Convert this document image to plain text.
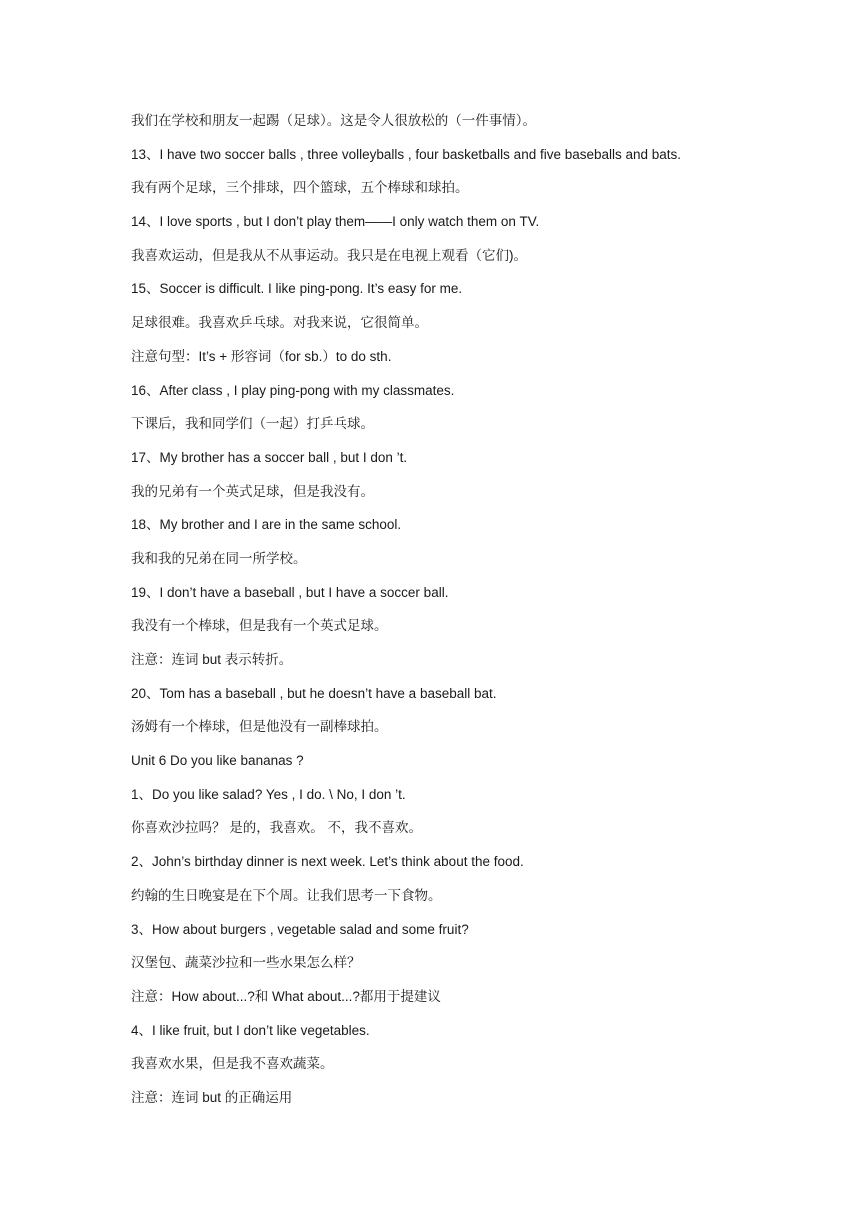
我们在学校和朋友一起踢（足球）。这是令人很放松的（一件事情）。
13、I have two soccer balls , three volleyballs , four basketballs and five baseballs and bats.
我有两个足球，三个排球，四个篮球，五个棒球和球拍。
14、I love sports , but I don’t play them——I only watch them on TV.
我喜欢运动，但是我从不从事运动。我只是在电视上观看（它们)。
15、Soccer is difficult. I like ping-pong. It’s easy for me.
足球很难。我喜欢乒乓球。对我来说，它很简单。
注意句型：It’s + 形容词（for sb.）to do sth.
16、After class , I play ping-pong with my classmates.
下课后，我和同学们（一起）打乒乓球。
17、My brother has a soccer ball , but I don ’t.
我的兄弟有一个英式足球，但是我没有。
18、My brother and I are in the same school.
我和我的兄弟在同一所学校。
19、I don’t have a baseball , but I have a soccer ball.
我没有一个棒球，但是我有一个英式足球。
注意：连词 but 表示转折。
20、Tom has a baseball , but he doesn’t have a baseball bat.
汤姆有一个棒球，但是他没有一副棒球拍。
Unit 6 Do you like bananas ?
1、Do you like salad? Yes , I do. \ No, I don ’t.
你喜欢沙拉吗？ 是的，我喜欢。 不，我不喜欢。
2、John’s birthday dinner is next week. Let’s think about the food.
约翰的生日晚宴是在下个周。让我们思考一下食物。
3、How about burgers , vegetable salad and some fruit?
汉堡包、蔬菜沙拉和一些水果怎么样？
注意：How about...?和 What about...?都用于提建议
4、I like fruit, but I don’t like vegetables.
我喜欢水果，但是我不喜欢蔬菜。
注意：连词 but 的正确运用
